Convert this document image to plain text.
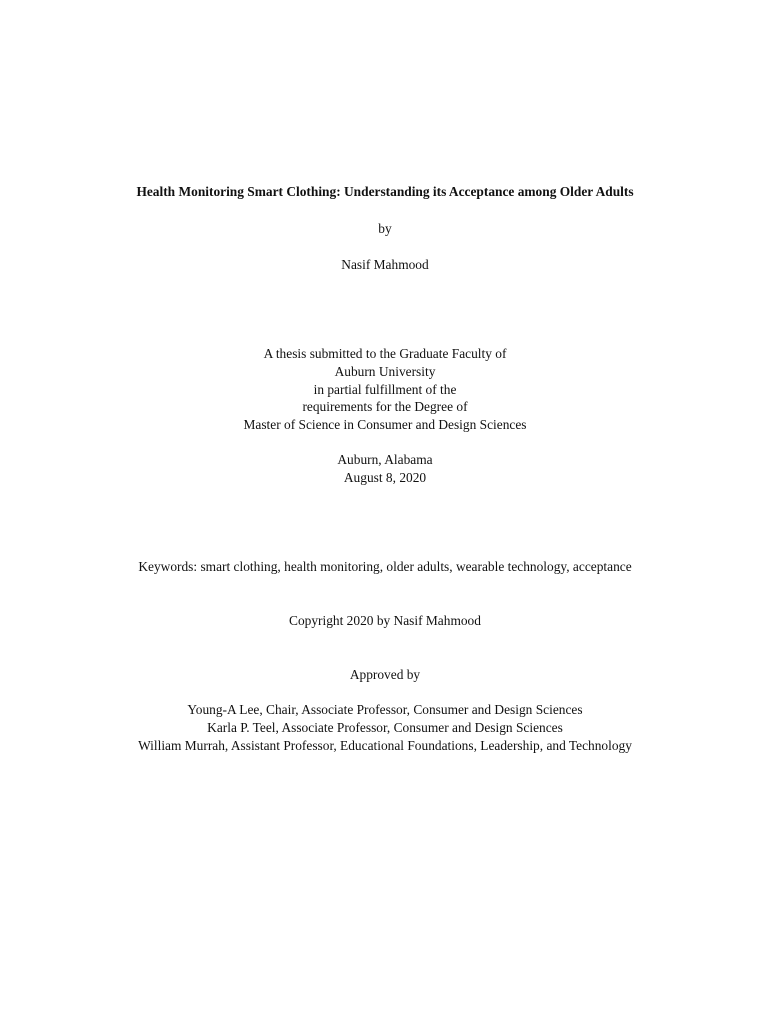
Health Monitoring Smart Clothing: Understanding its Acceptance among Older Adults
by
Nasif Mahmood
A thesis submitted to the Graduate Faculty of
Auburn University
in partial fulfillment of the
requirements for the Degree of
Master of Science in Consumer and Design Sciences
Auburn, Alabama
August 8, 2020
Keywords: smart clothing, health monitoring, older adults, wearable technology, acceptance
Copyright 2020 by Nasif Mahmood
Approved by
Young-A Lee, Chair, Associate Professor, Consumer and Design Sciences
Karla P. Teel, Associate Professor, Consumer and Design Sciences
William Murrah, Assistant Professor, Educational Foundations, Leadership, and Technology
